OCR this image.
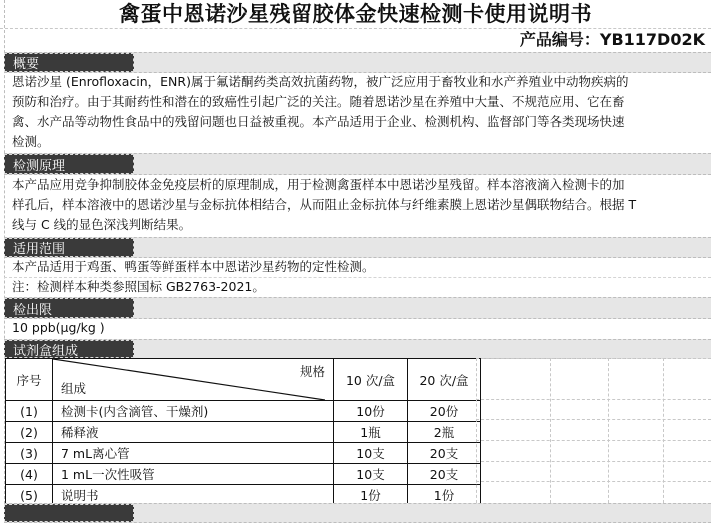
禽蛋中恩诺沙星残留胶体金快速检测卡使用说明书
产品编号：YB117D02K
概要
恩诺沙星 (Enrofloxacin，ENR)属于氟诺酮药类高效抗菌药物，被广泛应用于畜牧业和水产养殖业中动物疾病的
预防和治疗。由于其耐药性和潜在的致癌性引起广泛的关注。随着恩诺沙星在养殖中大量、不规范应用、它在畜
禽、水产品等动物性食品中的残留问题也日益被重视。本产品适用于企业、检测机构、监督部门等各类现场快速
检测。
检测原理
本产品应用竞争抑制胶体金免疫层析的原理制成，用于检测禽蛋样本中恩诺沙星残留。样本溶液滴入检测卡的加
样孔后，样本溶液中的恩诺沙星与金标抗体相结合，从而阻止金标抗体与纤维素膜上恩诺沙星偶联物结合。根据 T
线与 C 线的显色深浅判断结果。
适用范围
本产品适用于鸡蛋、鸭蛋等鲜蛋样本中恩诺沙星药物的定性检测。
注：检测样本种类参照国标 GB2763-2021。
检出限
10 ppb(μg/kg )
试剂盒组成
序号	规格
组成	10 次/盒	20 次/盒
(1)	检测卡(内含滴管、干燥剂)	10份	20份
(2)	稀释液	1瓶	2瓶
(3)	7 mL离心管	10支	20支
(4)	1 mL一次性吸管	10支	20支
(5)	说明书	1份	1份
